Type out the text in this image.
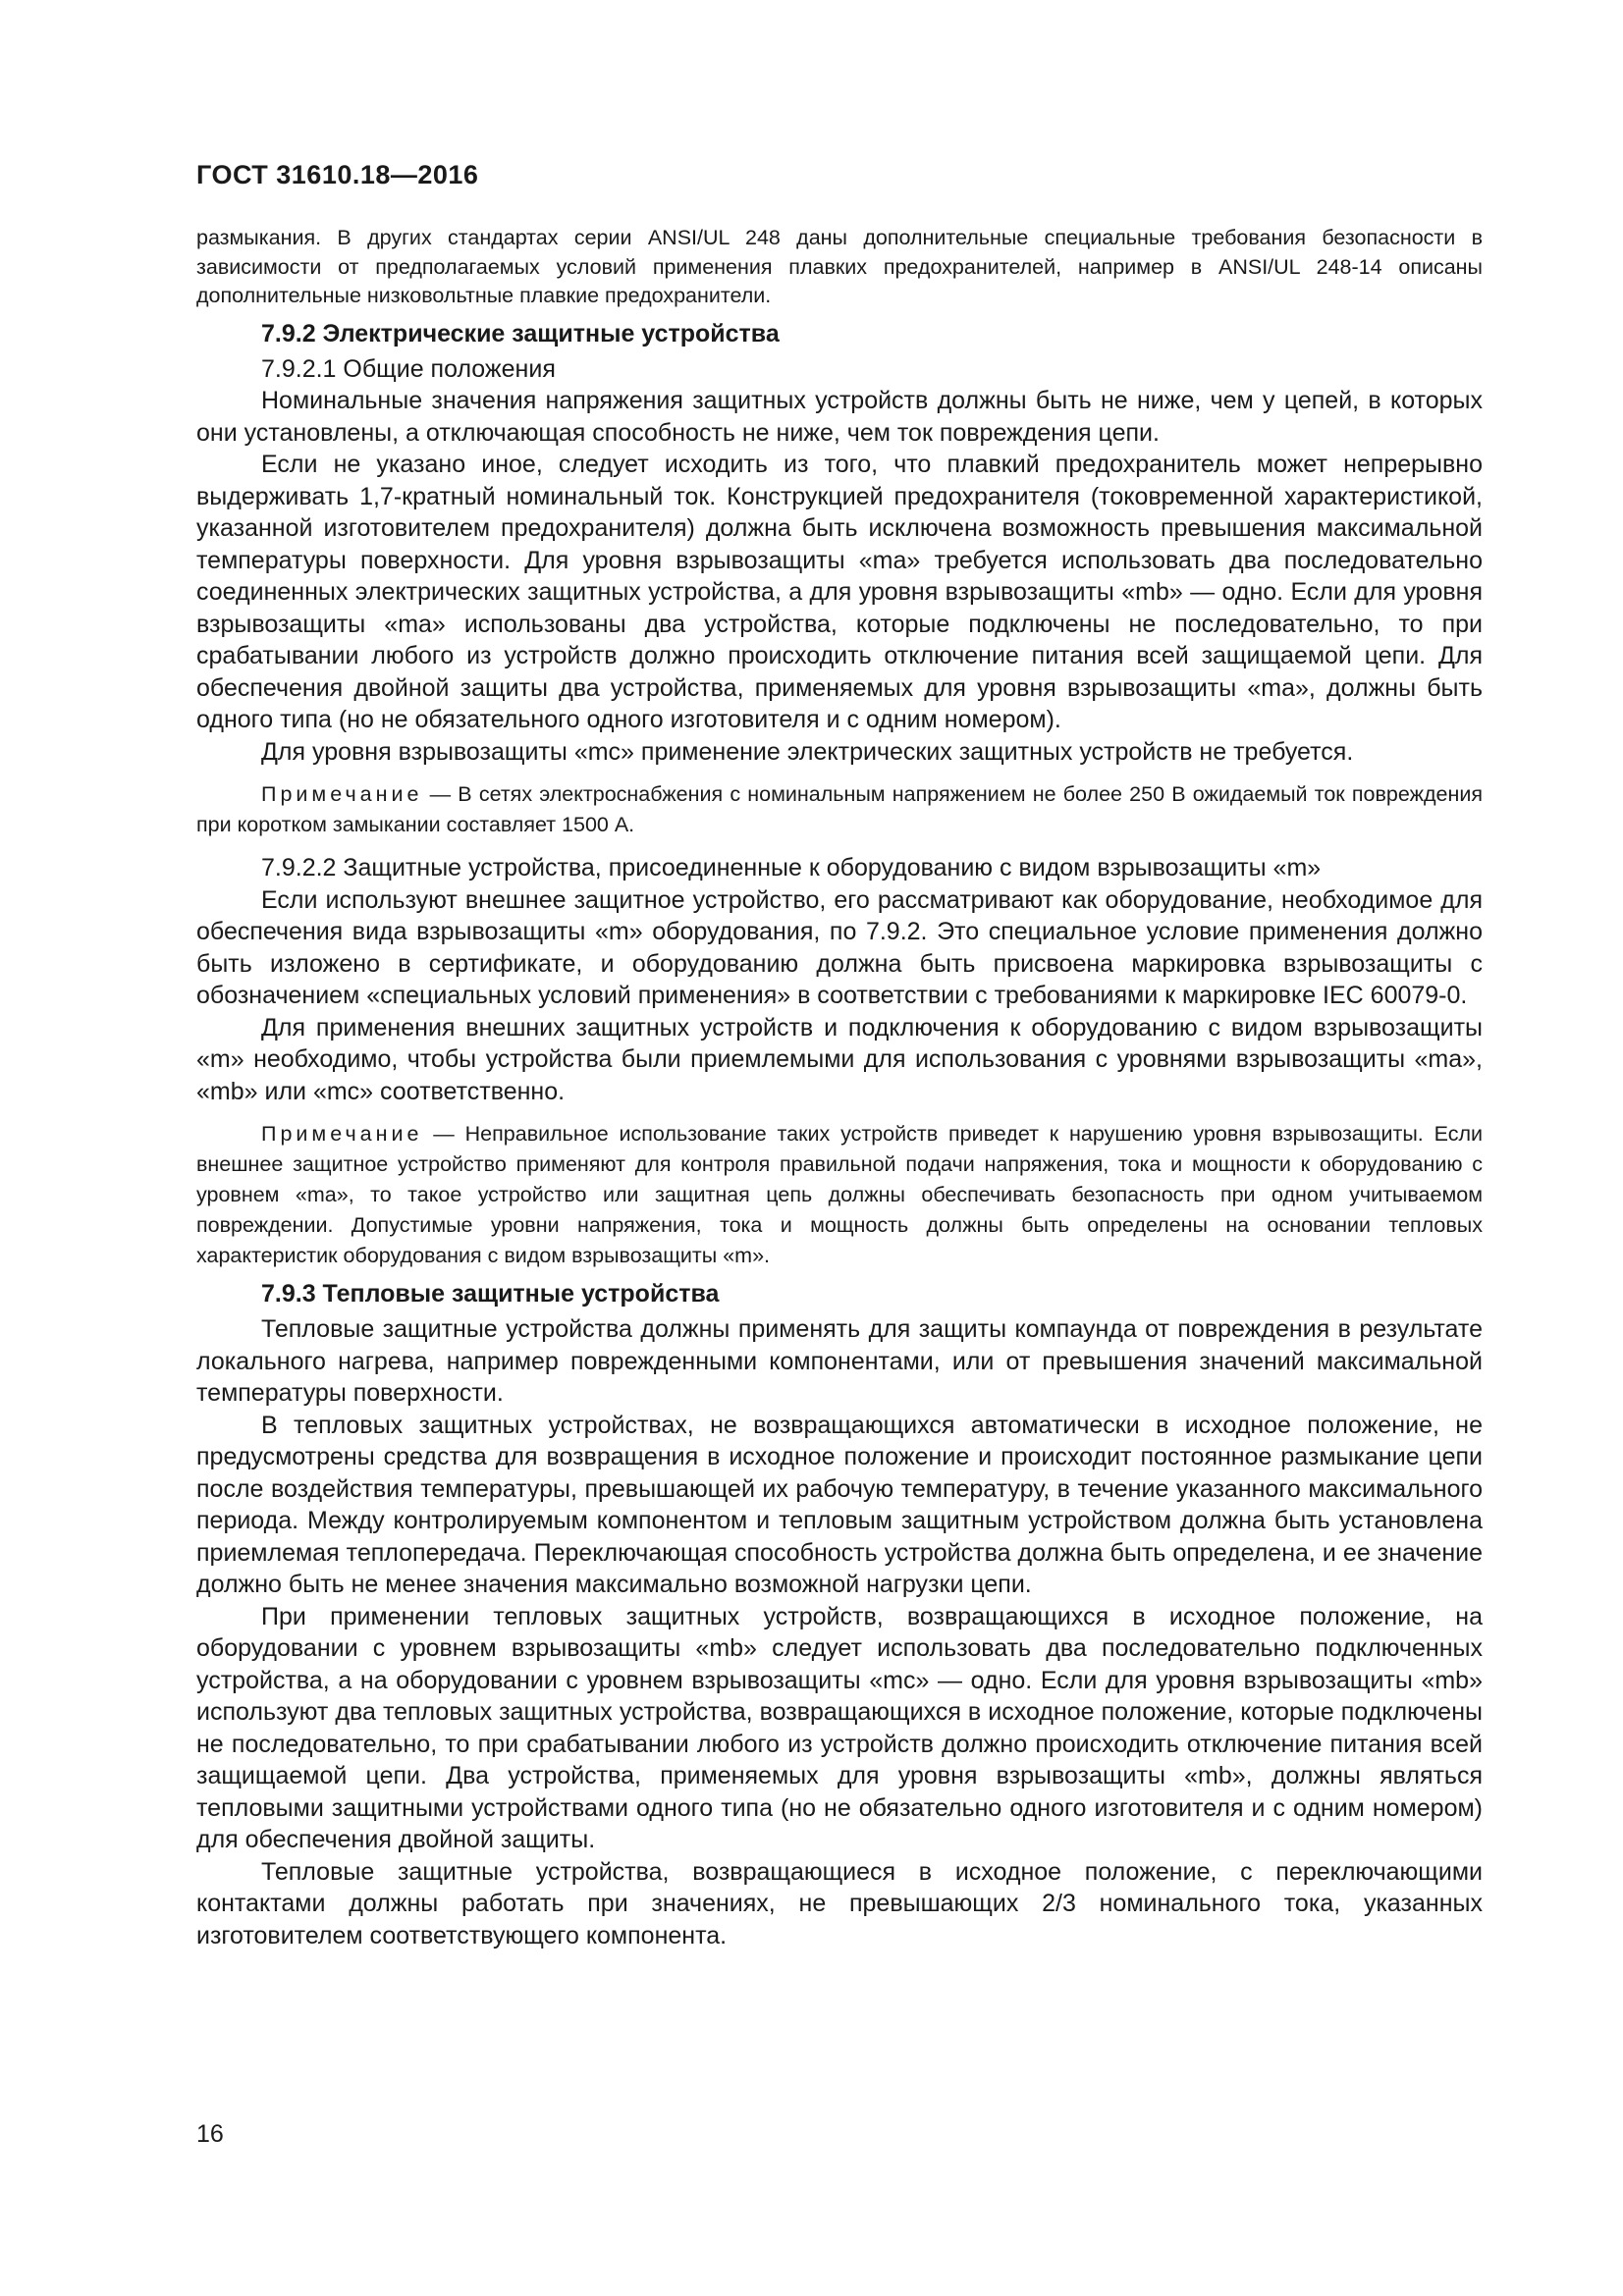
ГОСТ 31610.18—2016

размыкания. В других стандартах серии ANSI/UL 248 даны дополнительные специальные требования безопасности в зависимости от предполагаемых условий применения плавких предохранителей, например в ANSI/UL 248-14 описаны дополнительные низковольтные плавкие предохранители.

7.9.2 Электрические защитные устройства

7.9.2.1 Общие положения

Номинальные значения напряжения защитных устройств должны быть не ниже, чем у цепей, в которых они установлены, а отключающая способность не ниже, чем ток повреждения цепи.

Если не указано иное, следует исходить из того, что плавкий предохранитель может непрерывно выдерживать 1,7-кратный номинальный ток. Конструкцией предохранителя (токовременной характеристикой, указанной изготовителем предохранителя) должна быть исключена возможность превышения максимальной температуры поверхности. Для уровня взрывозащиты «ma» требуется использовать два последовательно соединенных электрических защитных устройства, а для уровня взрывозащиты «mb» — одно. Если для уровня взрывозащиты «ma» использованы два устройства, которые подключены не последовательно, то при срабатывании любого из устройств должно происходить отключение питания всей защищаемой цепи. Для обеспечения двойной защиты два устройства, применяемых для уровня взрывозащиты «ma», должны быть одного типа (но не обязательного одного изготовителя и с одним номером).

Для уровня взрывозащиты «mc» применение электрических защитных устройств не требуется.

Примечание — В сетях электроснабжения с номинальным напряжением не более 250 В ожидаемый ток повреждения при коротком замыкании составляет 1500 А.

7.9.2.2 Защитные устройства, присоединенные к оборудованию с видом взрывозащиты «m»

Если используют внешнее защитное устройство, его рассматривают как оборудование, необходимое для обеспечения вида взрывозащиты «m» оборудования, по 7.9.2. Это специальное условие применения должно быть изложено в сертификате, и оборудованию должна быть присвоена маркировка взрывозащиты с обозначением «специальных условий применения» в соответствии с требованиями к маркировке IEC 60079-0.

Для применения внешних защитных устройств и подключения к оборудованию с видом взрывозащиты «m» необходимо, чтобы устройства были приемлемыми для использования с уровнями взрывозащиты «ma», «mb» или «mc» соответственно.

Примечание — Неправильное использование таких устройств приведет к нарушению уровня взрывозащиты. Если внешнее защитное устройство применяют для контроля правильной подачи напряжения, тока и мощности к оборудованию с уровнем «ma», то такое устройство или защитная цепь должны обеспечивать безопасность при одном учитываемом повреждении. Допустимые уровни напряжения, тока и мощность должны быть определены на основании тепловых характеристик оборудования с видом взрывозащиты «m».

7.9.3 Тепловые защитные устройства

Тепловые защитные устройства должны применять для защиты компаунда от повреждения в результате локального нагрева, например поврежденными компонентами, или от превышения значений максимальной температуры поверхности.

В тепловых защитных устройствах, не возвращающихся автоматически в исходное положение, не предусмотрены средства для возвращения в исходное положение и происходит постоянное размыкание цепи после воздействия температуры, превышающей их рабочую температуру, в течение указанного максимального периода. Между контролируемым компонентом и тепловым защитным устройством должна быть установлена приемлемая теплопередача. Переключающая способность устройства должна быть определена, и ее значение должно быть не менее значения максимально возможной нагрузки цепи.

При применении тепловых защитных устройств, возвращающихся в исходное положение, на оборудовании с уровнем взрывозащиты «mb» следует использовать два последовательно подключенных устройства, а на оборудовании с уровнем взрывозащиты «mc» — одно. Если для уровня взрывозащиты «mb» используют два тепловых защитных устройства, возвращающихся в исходное положение, которые подключены не последовательно, то при срабатывании любого из устройств должно происходить отключение питания всей защищаемой цепи. Два устройства, применяемых для уровня взрывозащиты «mb», должны являться тепловыми защитными устройствами одного типа (но не обязательно одного изготовителя и с одним номером) для обеспечения двойной защиты.

Тепловые защитные устройства, возвращающиеся в исходное положение, с переключающими контактами должны работать при значениях, не превышающих 2/3 номинального тока, указанных изготовителем соответствующего компонента.

16
